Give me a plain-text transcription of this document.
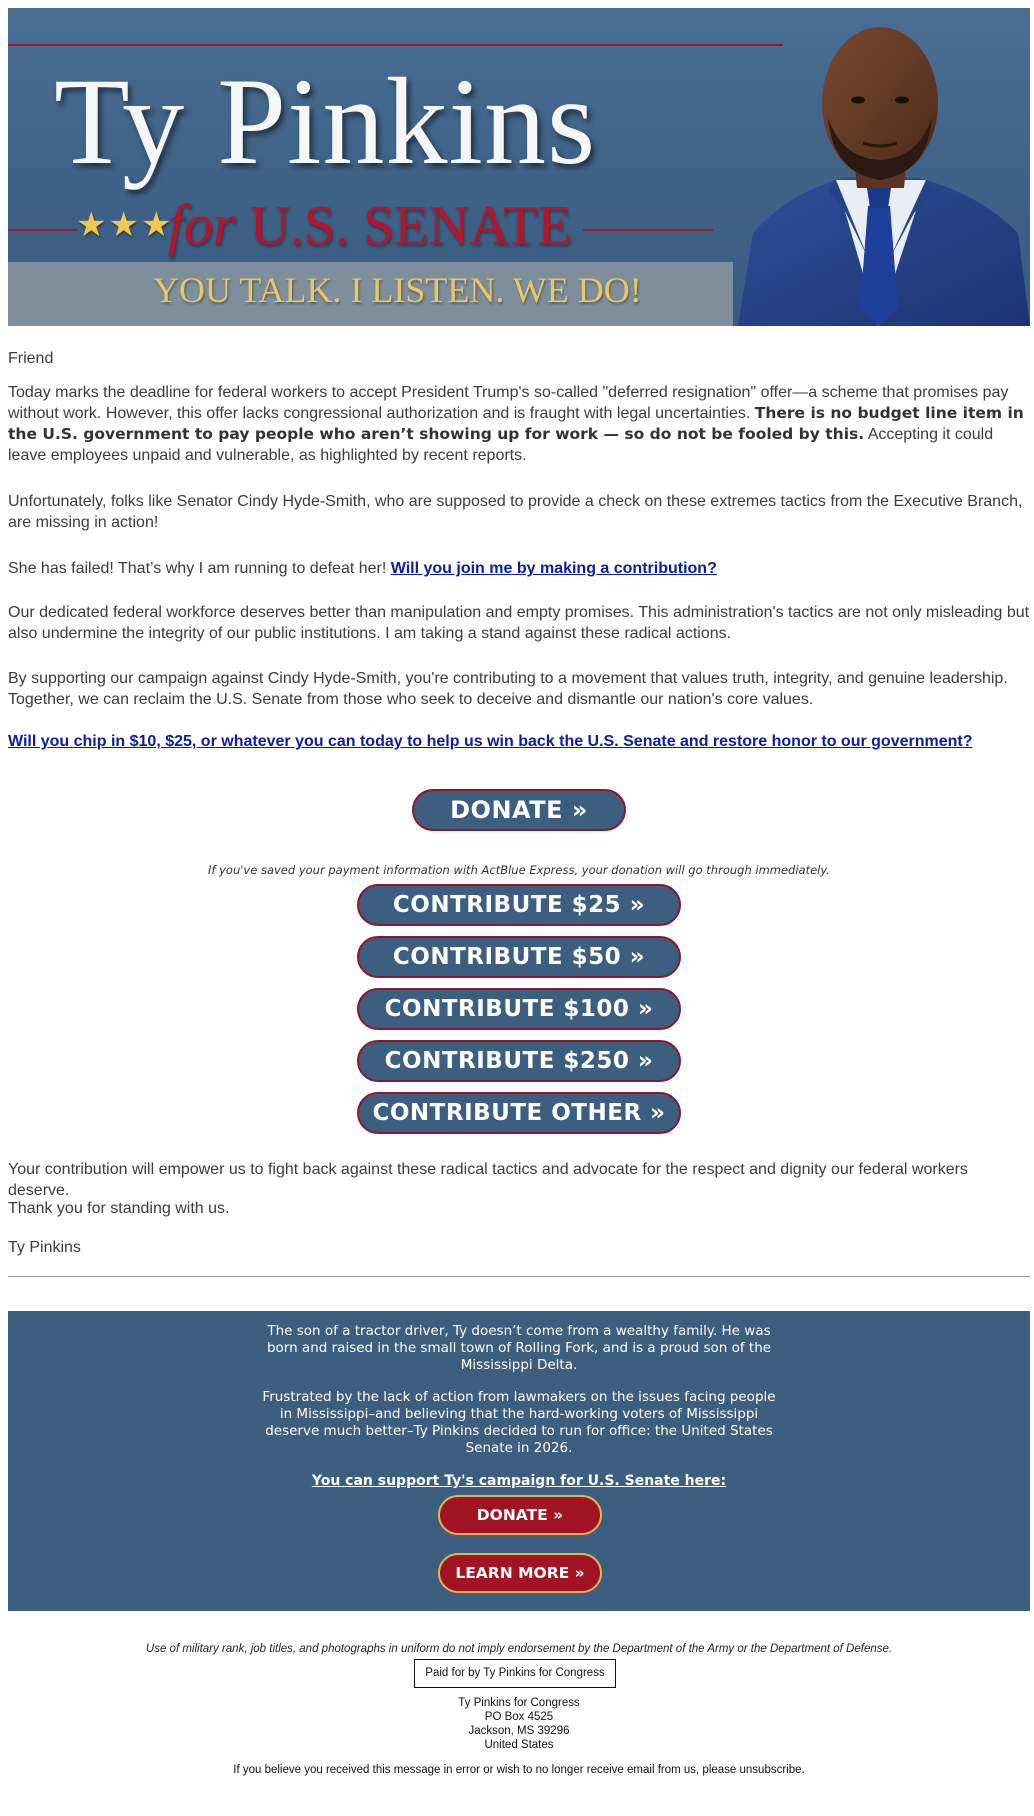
Ty Pinkins
★★★
for U.S. SENATE
YOU TALK. I LISTEN. WE DO!

Friend

Today marks the deadline for federal workers to accept President Trump's so-called "deferred resignation" offer—a scheme that promises pay without work. However, this offer lacks congressional authorization and is fraught with legal uncertainties. There is no budget line item in the U.S. government to pay people who aren’t showing up for work — so do not be fooled by this. Accepting it could leave employees unpaid and vulnerable, as highlighted by recent reports.

Unfortunately, folks like Senator Cindy Hyde-Smith, who are supposed to provide a check on these extremes tactics from the Executive Branch, are missing in action!

She has failed! That’s why I am running to defeat her! Will you join me by making a contribution?

Our dedicated federal workforce deserves better than manipulation and empty promises. This administration's tactics are not only misleading but also undermine the integrity of our public institutions. I am taking a stand against these radical actions.

By supporting our campaign against Cindy Hyde-Smith, you're contributing to a movement that values truth, integrity, and genuine leadership. Together, we can reclaim the U.S. Senate from those who seek to deceive and dismantle our nation's core values.

Will you chip in $10, $25, or whatever you can today to help us win back the U.S. Senate and restore honor to our government?

DONATE »
If you've saved your payment information with ActBlue Express, your donation will go through immediately.
CONTRIBUTE $25 »
CONTRIBUTE $50 »
CONTRIBUTE $100 »
CONTRIBUTE $250 »
CONTRIBUTE OTHER »

Your contribution will empower us to fight back against these radical tactics and advocate for the respect and dignity our federal workers deserve.

Thank you for standing with us.

Ty Pinkins

The son of a tractor driver, Ty doesn’t come from a wealthy family. He was born and raised in the small town of Rolling Fork, and is a proud son of the Mississippi Delta.
Frustrated by the lack of action from lawmakers on the issues facing people in Mississippi–and believing that the hard-working voters of Mississippi deserve much better–Ty Pinkins decided to run for office: the United States Senate in 2026.
You can support Ty's campaign for U.S. Senate here:
DONATE »
LEARN MORE »
Use of military rank, job titles, and photographs in uniform do not imply endorsement by the Department of the Army or the Department of Defense.
Paid for by Ty Pinkins for Congress
Ty Pinkins for Congress
PO Box 4525
Jackson, MS 39296
United States
If you believe you received this message in error or wish to no longer receive email from us, please unsubscribe.
